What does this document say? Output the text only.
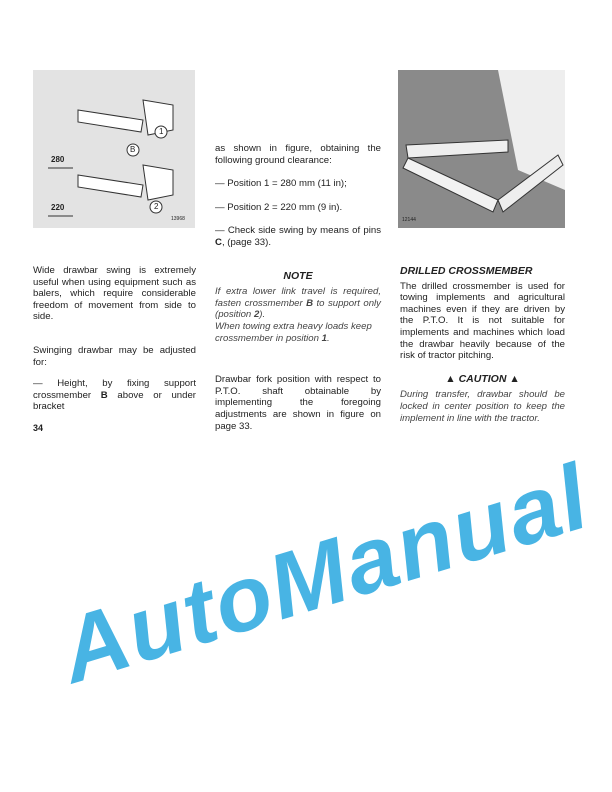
280
220
1
B
2
13968	12144

Wide drawbar swing is extremely useful when using equipment such as balers, which require considerable freedom of movement from side to side.

Swinging drawbar may be adjusted for:

— Height, by fixing support crossmember B above or under bracket

34

as shown in figure, obtaining the following ground clearance:

— Position 1 = 280 mm (11 in);

— Position 2 = 220 mm (9 in).

— Check side swing by means of pins C, (page 33).

NOTE

If extra lower link travel is required, fasten crossmember B to support only (position 2).

When towing extra heavy loads keep crossmember in position 1.

Drawbar fork position with respect to P.T.O. shaft obtainable by implementing the foregoing adjustments are shown in figure on page 33.

DRILLED CROSSMEMBER

The drilled crossmember is used for towing implements and agricultural machines even if they are driven by the P.T.O. It is not suitable for implements and machines which load the drawbar heavily because of the risk of tractor pitching.

▲ CAUTION ▲

During transfer, drawbar should be locked in center position to keep the implement in line with the tractor.

AutoManual
